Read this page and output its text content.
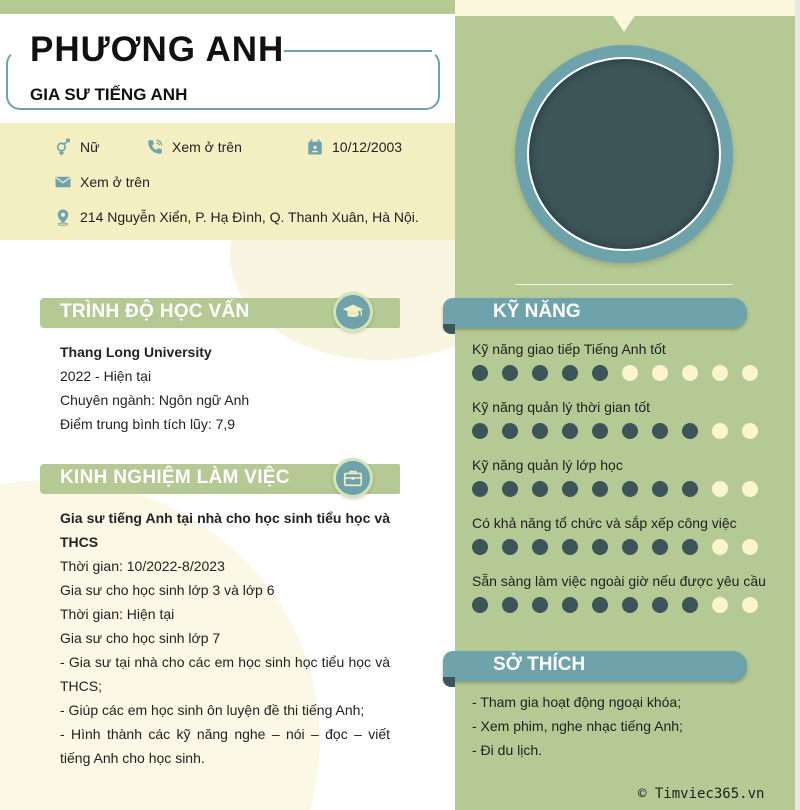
PHƯƠNG ANH
GIA SƯ TIẾNG ANH
Nữ	Xem ở trên	10/12/2003
Xem ở trên
214 Nguyễn Xiển, P. Hạ Đình, Q. Thanh Xuân, Hà Nội.
TRÌNH ĐỘ HỌC VẤN
Thang Long University
2022 - Hiện tại
Chuyên ngành: Ngôn ngữ Anh
Điểm trung bình tích lũy: 7,9
KINH NGHIỆM LÀM VIỆC
Gia sư tiếng Anh tại nhà cho học sinh tiểu học và THCS
Thời gian: 10/2022-8/2023
Gia sư cho học sinh lớp 3 và lớp 6
Thời gian: Hiện tại
Gia sư cho học sinh lớp 7
- Gia sư tại nhà cho các em học sinh học tiểu học và THCS;
- Giúp các em học sinh ôn luyện đề thi tiếng Anh;
- Hình thành các kỹ năng nghe – nói – đọc – viết tiếng Anh cho học sinh.
KỸ NĂNG
Kỹ năng giao tiếp Tiếng Anh tốt
Kỹ năng quản lý thời gian tốt
Kỹ năng quản lý lớp học
Có khả năng tổ chức và sắp xếp công việc
Sẵn sàng làm việc ngoài giờ nếu được yêu cầu
SỞ THÍCH
- Tham gia hoạt động ngoại khóa;
- Xem phim, nghe nhạc tiếng Anh;
- Đi du lịch.
© Timviec365.vn
